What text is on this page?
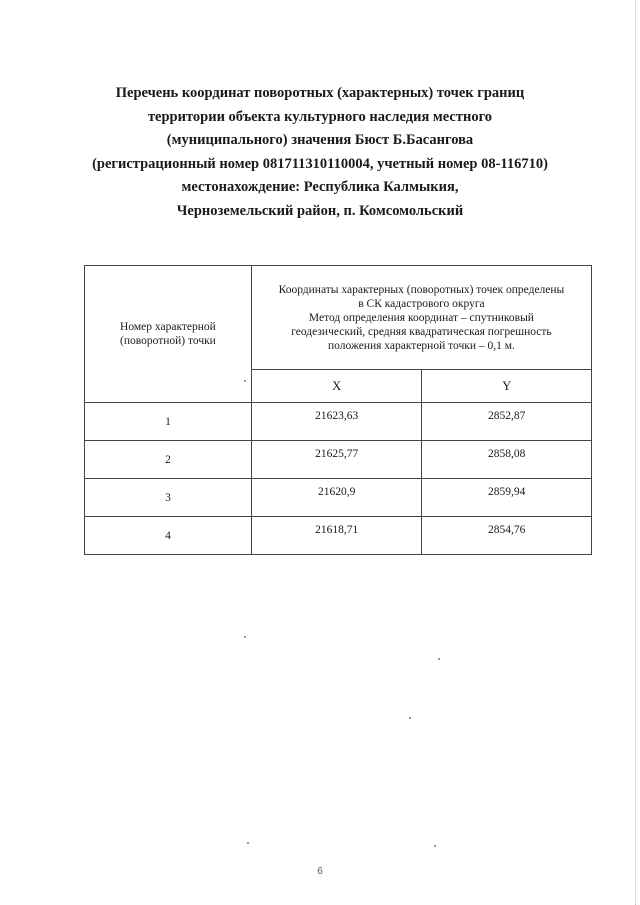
Перечень координат поворотных (характерных) точек границ
территории объекта культурного наследия местного
(муниципального) значения Бюст Б.Басангова
(регистрационный номер 081711310110004, учетный номер 08-116710)
местонахождение: Республика Калмыкия,
Черноземельский район, п. Комсомольский
Номер характерной
(поворотной) точки	Координаты характерных (поворотных) точек определены
в СК кадастрового округа
Метод определения координат – спутниковый
геодезический, средняя квадратическая погрешность
положения характерной точки – 0,1 м.	

	X	Y
1	21623,63	2852,87
2	21625,77	2858,08
3	21620,9	2859,94
4	21618,71	2854,76
6
